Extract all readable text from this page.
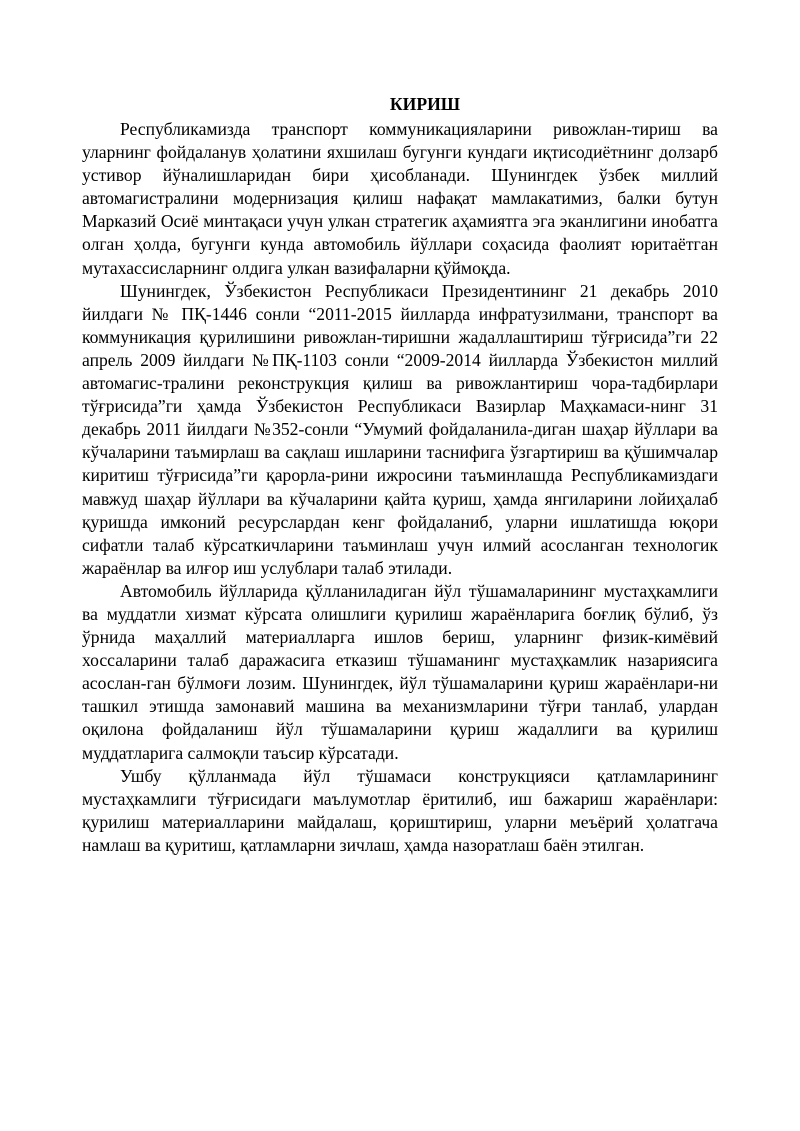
КИРИШ

Республикамизда транспорт коммуникацияларини ривожлан-тириш ва уларнинг фойдаланув ҳолатини яхшилаш бугунги кундаги иқтисодиётнинг долзарб устивор йўналишларидан бири ҳисобланади. Шунингдек ўзбек миллий автомагистралини модернизация қилиш нафақат мамлакатимиз, балки бутун Марказий Осиё минтақаси учун улкан стратегик аҳамиятга эга эканлигини инобатга олган ҳолда, бугунги кунда автомобиль йўллари соҳасида фаолият юритаётган мутахассисларнинг олдига улкан вазифаларни қўймоқда.

Шунингдек, Ўзбекистон Республикаси Президентининг 21 декабрь 2010 йилдаги № ПҚ-1446 сонли “2011-2015 йилларда инфратузилмани, транспорт ва коммуникация қурилишини ривожлан-тиришни жадаллаштириш тўғрисида”ги 22 апрель 2009 йилдаги №ПҚ-1103 сонли “2009-2014 йилларда Ўзбекистон миллий автомагис-тралини реконструкция қилиш ва ривожлантириш чора-тадбирлари тўғрисида”ги ҳамда Ўзбекистон Республикаси Вазирлар Маҳкамаси-нинг 31 декабрь 2011 йилдаги №352-сонли “Умумий фойдаланила-диган шаҳар йўллари ва кўчаларини таъмирлаш ва сақлаш ишларини таснифига ўзгартириш ва қўшимчалар киритиш тўғрисида”ги қарорла-рини ижросини таъминлашда Республикамиздаги мавжуд шаҳар йўллари ва кўчаларини қайта қуриш, ҳамда янгиларини лойиҳалаб қуришда имконий ресурслардан кенг фойдаланиб, уларни ишлатишда юқори сифатли талаб кўрсаткичларини таъминлаш учун илмий асосланган технологик жараёнлар ва илғор иш услублари талаб этилади.

Автомобиль йўлларида қўлланиладиган йўл тўшамаларининг мустаҳкамлиги ва муддатли хизмат кўрсата олишлиги қурилиш жараёнларига боғлиқ бўлиб, ўз ўрнида маҳаллий материалларга ишлов бериш, уларнинг физик-кимёвий хоссаларини талаб даражасига етказиш тўшаманинг мустаҳкамлик назариясига асослан-ган бўлмоғи лозим. Шунингдек, йўл тўшамаларини қуриш жараёнлари-ни ташкил этишда замонавий машина ва механизмларини тўғри танлаб, улардан оқилона фойдаланиш йўл тўшамаларини қуриш жадаллиги ва қурилиш муддатларига салмоқли таъсир кўрсатади.

Ушбу қўлланмада йўл тўшамаси конструкцияси қатламларининг мустаҳкамлиги тўғрисидаги маълумотлар ёритилиб, иш бажариш жараёнлари: қурилиш материалларини майдалаш, қориштириш, уларни меъёрий ҳолатгача намлаш ва қуритиш, қатламларни зичлаш, ҳамда назоратлаш баён этилган.
